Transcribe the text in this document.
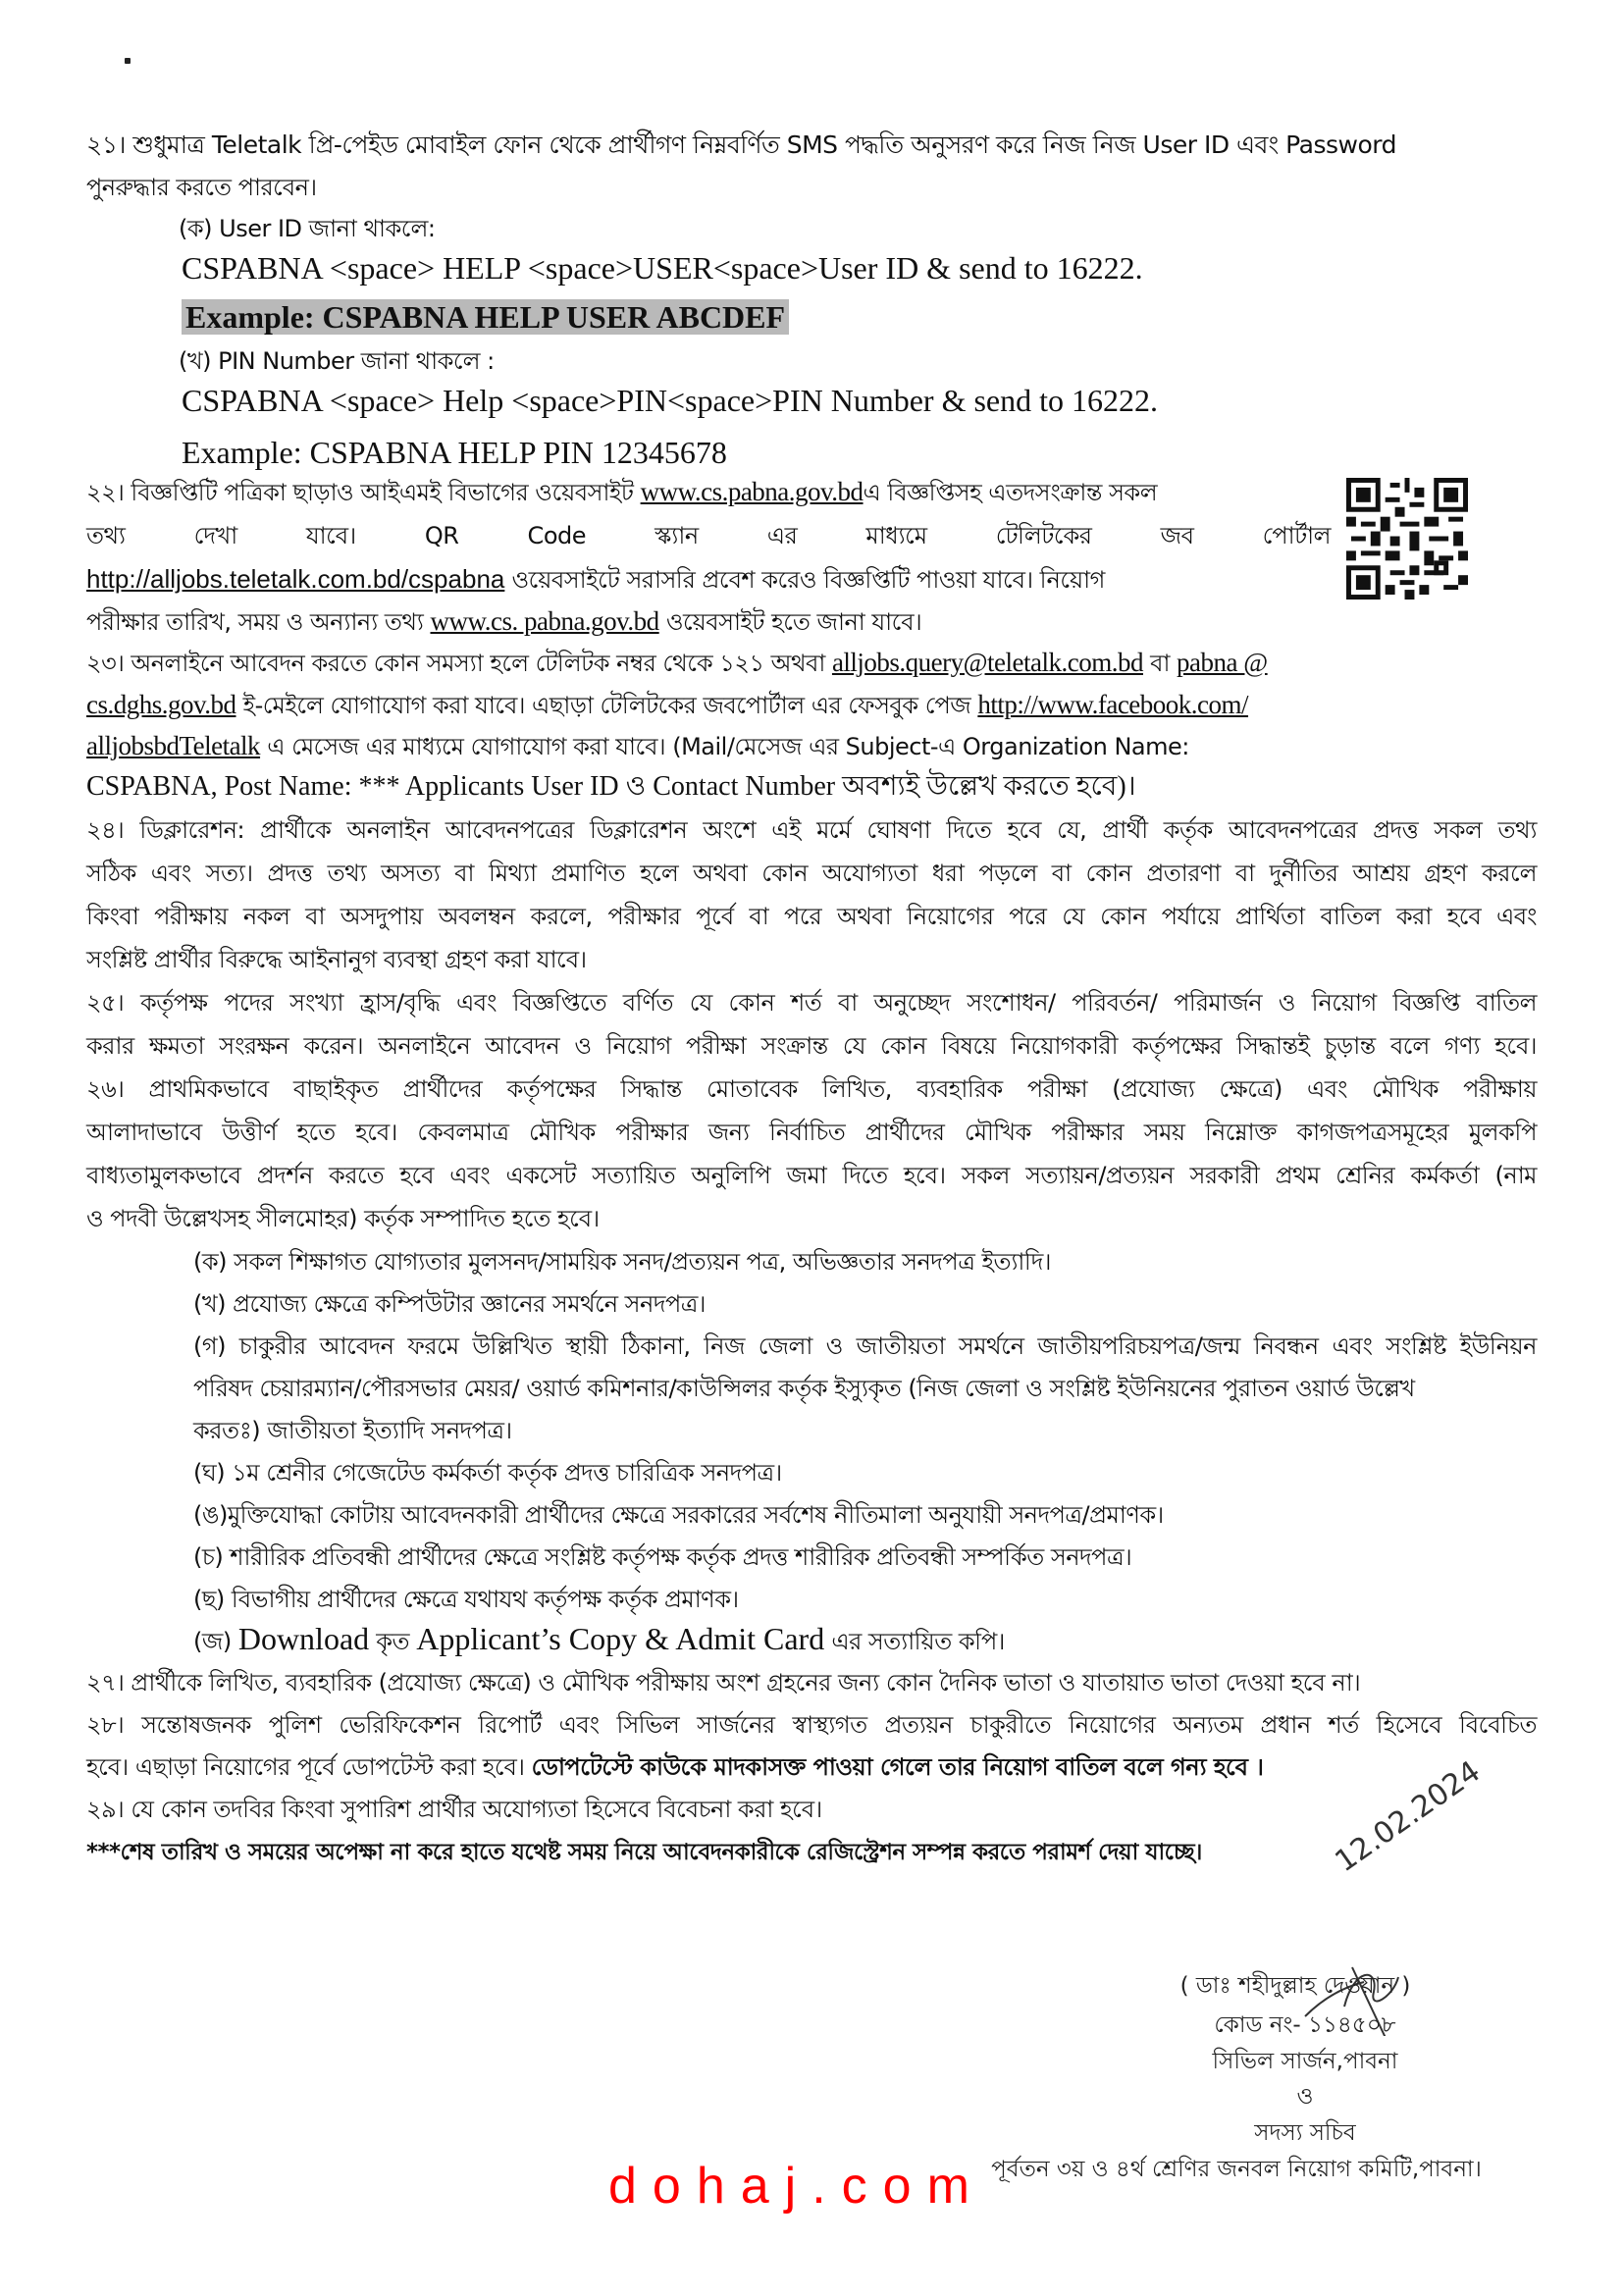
২১। শুধুমাত্র Teletalk প্রি-পেইড মোবাইল ফোন থেকে প্রার্থীগণ নিম্নবর্ণিত SMS পদ্ধতি অনুসরণ করে নিজ নিজ User ID এবং Password
পুনরুদ্ধার করতে পারবেন।
(ক) User ID জানা থাকলে:
CSPABNA <space> HELP <space>USER<space>User ID & send to 16222.
Example: CSPABNA HELP USER ABCDEF
(খ) PIN Number জানা থাকলে :
CSPABNA <space> Help <space>PIN<space>PIN Number & send to 16222.
Example: CSPABNA HELP PIN 12345678
২২। বিজ্ঞপ্তিটি পত্রিকা ছাড়াও আইএমই বিভাগের ওয়েবসাইট www.cs.pabna.gov.bdএ বিজ্ঞপ্তিসহ এতদসংক্রান্ত সকল
তথ্য দেখা যাবে। QR Code স্ক্যান এর মাধ্যমে টেলিটকের জব পোর্টাল
http://alljobs.teletalk.com.bd/cspabna ওয়েবসাইটে সরাসরি প্রবেশ করেও বিজ্ঞপ্তিটি পাওয়া যাবে। নিয়োগ
পরীক্ষার তারিখ, সময় ও অন্যান্য তথ্য www.cs. pabna.gov.bd ওয়েবসাইট হতে জানা যাবে।
২৩। অনলাইনে আবেদন করতে কোন সমস্যা হলে টেলিটক নম্বর থেকে ১২১ অথবা alljobs.query@teletalk.com.bd বা pabna @
cs.dghs.gov.bd ই-মেইলে যোগাযোগ করা যাবে। এছাড়া টেলিটকের জবপোর্টাল এর ফেসবুক পেজ http://www.facebook.com/
alljobsbdTeletalk এ মেসেজ এর মাধ্যমে যোগাযোগ করা যাবে। (Mail/মেসেজ এর Subject-এ Organization Name:
CSPABNA, Post Name: *** Applicants User ID ও Contact Number অবশ্যই উল্লেখ করতে হবে)।
২৪। ডিক্লারেশন: প্রার্থীকে অনলাইন আবেদনপত্রের ডিক্লারেশন অংশে এই মর্মে ঘোষণা দিতে হবে যে, প্রার্থী কর্তৃক আবেদনপত্রের প্রদত্ত সকল তথ্য
সঠিক এবং সত্য। প্রদত্ত তথ্য অসত্য বা মিথ্যা প্রমাণিত হলে অথবা কোন অযোগ্যতা ধরা পড়লে বা কোন প্রতারণা বা দুর্নীতির আশ্রয় গ্রহণ করলে
কিংবা পরীক্ষায় নকল বা অসদুপায় অবলম্বন করলে, পরীক্ষার পূর্বে বা পরে অথবা নিয়োগের পরে যে কোন পর্যায়ে প্রার্থিতা বাতিল করা হবে এবং
সংশ্লিষ্ট প্রার্থীর বিরুদ্ধে আইনানুগ ব্যবস্থা গ্রহণ করা যাবে।
২৫। কর্তৃপক্ষ পদের সংখ্যা হ্রাস/বৃদ্ধি এবং বিজ্ঞপ্তিতে বর্ণিত যে কোন শর্ত বা অনুচ্ছেদ সংশোধন/ পরিবর্তন/ পরিমার্জন ও নিয়োগ বিজ্ঞপ্তি বাতিল
করার ক্ষমতা সংরক্ষন করেন। অনলাইনে আবেদন ও নিয়োগ পরীক্ষা সংক্রান্ত যে কোন বিষয়ে নিয়োগকারী কর্তৃপক্ষের সিদ্ধান্তই চুড়ান্ত বলে গণ্য হবে।
২৬। প্রাথমিকভাবে বাছাইকৃত প্রার্থীদের কর্তৃপক্ষের সিদ্ধান্ত মোতাবেক লিখিত, ব্যবহারিক পরীক্ষা (প্রযোজ্য ক্ষেত্রে) এবং মৌখিক পরীক্ষায়
আলাদাভাবে উত্তীর্ণ হতে হবে। কেবলমাত্র মৌখিক পরীক্ষার জন্য নির্বাচিত প্রার্থীদের মৌখিক পরীক্ষার সময় নিম্নোক্ত কাগজপত্রসমূহের মুলকপি
বাধ্যতামুলকভাবে প্রদর্শন করতে হবে এবং একসেট সত্যায়িত অনুলিপি জমা দিতে হবে। সকল সত্যায়ন/প্রত্যয়ন সরকারী প্রথম শ্রেনির কর্মকর্তা (নাম
ও পদবী উল্লেখসহ সীলমোহর) কর্তৃক সম্পাদিত হতে হবে।
(ক) সকল শিক্ষাগত যোগ্যতার মুলসনদ/সাময়িক সনদ/প্রত্যয়ন পত্র, অভিজ্ঞতার সনদপত্র ইত্যাদি।
(খ) প্রযোজ্য ক্ষেত্রে কম্পিউটার জ্ঞানের সমর্থনে সনদপত্র।
(গ) চাকুরীর আবেদন ফরমে উল্লিখিত স্থায়ী ঠিকানা, নিজ জেলা ও জাতীয়তা সমর্থনে জাতীয়পরিচয়পত্র/জন্ম নিবন্ধন এবং সংশ্লিষ্ট ইউনিয়ন
পরিষদ চেয়ারম্যান/পৌরসভার মেয়র/ ওয়ার্ড কমিশনার/কাউন্সিলর কর্তৃক ইস্যুকৃত (নিজ জেলা ও সংশ্লিষ্ট ইউনিয়নের পুরাতন ওয়ার্ড উল্লেখ
করতঃ) জাতীয়তা ইত্যাদি সনদপত্র।
(ঘ) ১ম শ্রেনীর গেজেটেড কর্মকর্তা কর্তৃক প্রদত্ত চারিত্রিক সনদপত্র।
(ঙ)মুক্তিযোদ্ধা কোটায় আবেদনকারী প্রার্থীদের ক্ষেত্রে সরকারের সর্বশেষ নীতিমালা অনুযায়ী সনদপত্র/প্রমাণক।
(চ) শারীরিক প্রতিবন্ধী প্রার্থীদের ক্ষেত্রে সংশ্লিষ্ট কর্তৃপক্ষ কর্তৃক প্রদত্ত শারীরিক প্রতিবন্ধী সম্পর্কিত সনদপত্র।
(ছ) বিভাগীয় প্রার্থীদের ক্ষেত্রে যথাযথ কর্তৃপক্ষ কর্তৃক প্রমাণক।
(জ) Download কৃত Applicant’s Copy & Admit Card এর সত্যায়িত কপি।
২৭। প্রার্থীকে লিখিত, ব্যবহারিক (প্রযোজ্য ক্ষেত্রে) ও মৌখিক পরীক্ষায় অংশ গ্রহনের জন্য কোন দৈনিক ভাতা ও যাতায়াত ভাতা দেওয়া হবে না।
২৮। সন্তোষজনক পুলিশ ভেরিফিকেশন রিপোর্ট এবং সিভিল সার্জনের স্বাস্থ্যগত প্রত্যয়ন চাকুরীতে নিয়োগের অন্যতম প্রধান শর্ত হিসেবে বিবেচিত
হবে। এছাড়া নিয়োগের পূর্বে ডোপটেস্ট করা হবে। ডোপটেস্টে কাউকে মাদকাসক্ত পাওয়া গেলে তার নিয়োগ বাতিল বলে গন্য হবে ।
২৯। যে কোন তদবির কিংবা সুপারিশ প্রার্থীর অযোগ্যতা হিসেবে বিবেচনা করা হবে।
***শেষ তারিখ ও সময়ের অপেক্ষা না করে হাতে যথেষ্ট সময় নিয়ে আবেদনকারীকে রেজিস্ট্রেশন সম্পন্ন করতে পরামর্শ দেয়া যাচ্ছে।	12.02.2024
( ডাঃ শহীদুল্লাহ দেওয়ান )
কোড নং- ১১৪৫০৮
সিভিল সার্জন,পাবনা
ও
সদস্য সচিব
পূর্বতন ৩য় ও ৪র্থ শ্রেণির জনবল নিয়োগ কমিটি,পাবনা।
dohaj.com
